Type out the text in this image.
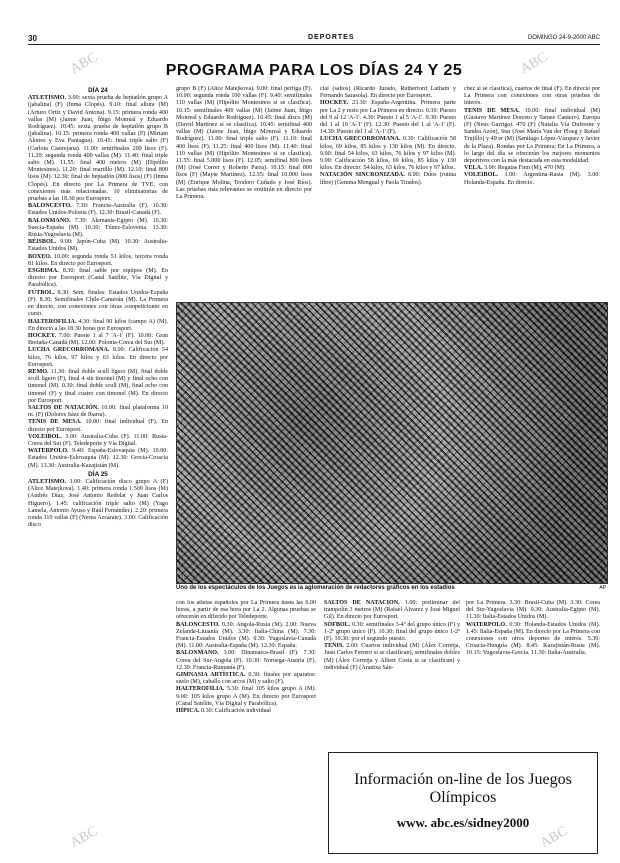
30	DEPORTES	DOMINGO 24-9-2000 ABC
PROGRAMA PARA LOS DÍAS 24 Y 25
DÍA 24

ATLETISMO. 3.00: sexta prueba de heptatlón grupo A (jabalina) (F) (Inma Clopés). 9.10: final altura (M) (Arturo Ortiz y David Antona). 9.15: primera ronda 400 vallas (M) (Jaime Juan, Íñigo Monreal y Eduardo Rodríguez). 10.45: sexta prueba de heptatlón grupo B (jabalina). 10.15: primera ronda 400 vallas (F) (Miriam Alonso y Eva Paniagua). 10.45: final triple salto (F) (Carlota Castrejana). 11.00: semifinales 200 lisos (F). 11.20: segunda ronda 400 vallas (M). 11.40: final triple salto (M). 11.55: final 400 metros (M) (Hipólito Montesinos). 11.20: final martillo (M). 12.10: final 800 lisos (M). 12.30: final de heptatlón (800 lisos) (F) (Inma Clopés). En directo por La Primera de TVE, con conexiones más relacionadas. 10 eliminatorias de pruebas a las 18.30 por Eurosport.

BALONCESTO. 7.30: Francia-Australia (F). 10.30: Estados Unidos-Polonia (F). 12.30: Brasil-Canadá (F).

BALONMANO. 7.30: Alemania-Egipto (M). 10.30: Suecia-España (M). 10.30: Túnez-Eslovenia. 13.30: Rusia-Yugoslavia (M).

BÉISBOL. 9.00: Japón-Cuba (M). 10.30: Australia-Estados Unidos (M).

BOXEO. 10.00: segunda ronda 51 kilos, tercera ronda 81 kilos. En directo por Eurosport.

ESGRIMA. 8.30: final sable por equipos (M). En directo por Eurosport (Canal Satélite, Vía Digital y Parabólica).

FÚTBOL. 8.30: Sem. finales: Estados Unidos-España (F). 8.30: Semifinales Chile-Camerún (M). La Primera en directo, con conexiones con otras competiciones en curso.

HALTEROFILIA. 4.30: final 90 kilos (campo A) (M). En directo a las 18.30 horas por Eurosport.

HOCKEY. 7.00: Pueste 1 al 7 'A-1' (F). 10.00: Gran Bretaña-Canadá (M). 12.00: Polonia-Corea del Sur (M).

LUCHA GRECORROMANA. 8.00: Calificación 54 kilos, 76 kilos, 97 kilos y 63 kilos. En directo por Eurosport.

REMO. 11.30: final doble scull ligero (M), final doble scull ligero (F), final 4 sin timonel (M) y final ocho con timonel (M). 0.30: final doble scull (M), final ocho con timonel (F) y final cuatro con timonel (M). En directo por Eurosport.

SALTOS DE NATACIÓN. 10.00: final plataforma 10 m. (F) (Dolores Sáez de Ibarra).

TENIS DE MESA. 10.00: final individual (F). En directo por Eurosport.

VOLEIBOL. 3.00: Australia-Cuba (F). 11.00: Rusia-Corea del Sur (F). Teledeporte y Vía Digital.

WATERPOLO. 9.40: España-Eslovaquia (M). 10.00: Estados Unidos-Eslovaquia (M). 12.30: Grecia-Croacia (M). 13.30: Australia-Kazajistán (M).

DÍA 25

ATLETISMO. 1.00: Calificación disco grupo A (F) (Alice Matejkova). 1.40: primera ronda 1.500 lisos (M) (Andrés Díaz, José Antonio Redolat y Juan Carlos Higuero). 1.45: calificación triple salto (M) (Yago Lamela, Antonio Ayuso y Raúl Fernández). 2.20: primera ronda 110 vallas (F) (Nerea Azcárate). 3.00: Calificación disco

grupo B (F) (Alice Matejkova). 9.00: final pértiga (F). 10.00: segunda ronda 100 vallas (F). 9.40: semifinales 110 vallas (M) (Hipólito Montesinos si se clasifica). 10.15: semifinales 400 vallas (M) (Jaime Juan, Íñigo Monreal y Eduardo Rodríguez). 10.45: final disco (M) (David Martínez si se clasifica). 10.45: semifinal 400 vallas (M) (Jaime Juan, Íñigo Monreal y Eduardo Rodríguez). 11.00: final triple salto (F). 11.10: final 400 lisos (F). 11.25: final 400 lisos (M). 11.40: final 110 vallas (M) (Hipólito Montesinos si se clasifica). 11.55: final 5.000 lisos (F). 12.05: semifinal 800 lisos (M) (José Correr y Roberto Parra). 10.15: final 800 lisos (F) (Mayte Martínez). 12.35: final 10.000 lisos (M) (Enrique Molina, Teodoro Cuñado y José Ríos). Las pruebas más relevantes se emitirán en directo por La Primera.

cial (saltos) (Ricardo Jurado, Rutherford Latham y Fernando Sarasola). En directo por Eurosport.

HOCKEY. 23.30: España-Argentina. Primera parte por La 2 y resto por La Primera en directo. 0.30: Puesto del 9 al 12 'A-1'. 4.30: Puesto 1 al 5 'A-1'. 9.30: Puesto del 1 al 10 'A-1' (F). 12.30: Puesto del 1 al 'A-1' (F). 14.30: Puesto del 1 al 'A-1' (F).

LUCHA GRECORROMANA. 0.30: Calificación 58 kilos, 69 kilos, 85 kilos y 130 kilos (M). En directo. 9.00: final 54 kilos, 63 kilos, 76 kilos y 97 kilos (M). 9.00: Calificación 58 kilos, 69 kilos, 85 kilos y 130 kilos. En directo: 54 kilos, 63 kilos, 76 kilos y 97 kilos.

NATACIÓN SINCRONIZADA. 8.00: Dúos (rutina libre) (Gemma Mengual y Paola Tirados).

chez si se clasifica), cuartos de final (F). En directo por La Primera con conexiones con otras pruebas de interés.

TENIS DE MESA. 10.00: final individual (M) (Gustavo Martínez Doresto y Tamee Cantero). Europa (F) (Neus Garriga). 470 (F) (Natalia Vía Dufresne y Sandra Azón), Star (José María Van der Ploeg y Rafael Trujillo) y 49 er (M) (Santiago López-Vázquez y Javier de la Plaza). Rondas por La Primera; En La Primera, a lo largo del día se ofrecerán los mejores momentos deportivos con la más destacada en esta modalidad.

VELA. 3.00: Regatas Finn (M), 470 (M).

VOLEIBOL. 1.00: Argentina-Rusia (M). 3.00: Holanda-España. En directo.

Uno de los espectáculos de los Juegos es la aglomeración de redactores gráficos en los estadios	AP

con los atletas españoles por La Primera hasta las 6.00 horas, a partir de esa hora por La 2. Algunas pruebas se ofrecerán en diferido por Teledeporte.

BALONCESTO. 0.30: Angola-Rusia (M). 2.00: Nueva Zelanda-Lituania (M). 3.30: Italia-China (M). 7.30: Francia-Estados Unidos (M). 9.30: Yugoslavia-Canadá (M). 11.00: Australia-España (M). 12.30: España.

BALONMANO. 3.00: Dinamarca-Brasil (F). 7.30: Corea del Sur-Angola (F). 10.30: Noruega-Austria (F). 12.30: Francia-Rumanía (F).

GIMNASIA ARTÍSTICA. 0.30: finales por aparatos: suelo (M), caballo con arcos (M) y salto (F).

HALTEROFILIA. 5.30: final 105 kilos grupo A (M). 9.00: 105 kilos grupo A (M). En directo por Eurosport (Canal Satélite, Vía Digital y Parabólica).

HÍPICA. 0.30: Calificación individual

SALTOS DE NATACIÓN. 1.00: preliminar del trampolín 3 metros (M) (Rafael Álvarez y José Miguel Gil). En directo por Eurosport.

SÓFBOL. 0.30: semifinales 3-4º del grupo único (F) y 1-2º grupo único (F). 10.30: final del grupo único 1-2º (F). 10.30: por el segundo puesto.

TENIS. 2.00: Cuartos individual (M) (Álex Corretja, Juan Carlos Ferrero si se clasifican), semifinales dobles (M) (Álex Corretja y Albert Costa si se clasifican) y individual (F) (Arantxa Sán-

por La Primera. 3.30: Brasil-Cuba (M). 3.30: Corea del Sur-Yugoslavia (M). 9.30: Australia-Egipto (M). 11.30: Italia-Estados Unidos (M).

WATERPOLO. 0.30: Holanda-Estados Unidos (M). 1.45: Italia-España (M). En directo por La Primera con conexiones con otros deportes de interés. 5.30: Croacia-Hungría (M). 8.45: Kazajistán-Rusia (M). 10.15: Yugoslavia-Grecia. 11.30: Italia-Australia.

Información on-line de los Juegos
Olímpicos
www. abc.es/sidney2000
ABC	ABC
ABC	ABC
